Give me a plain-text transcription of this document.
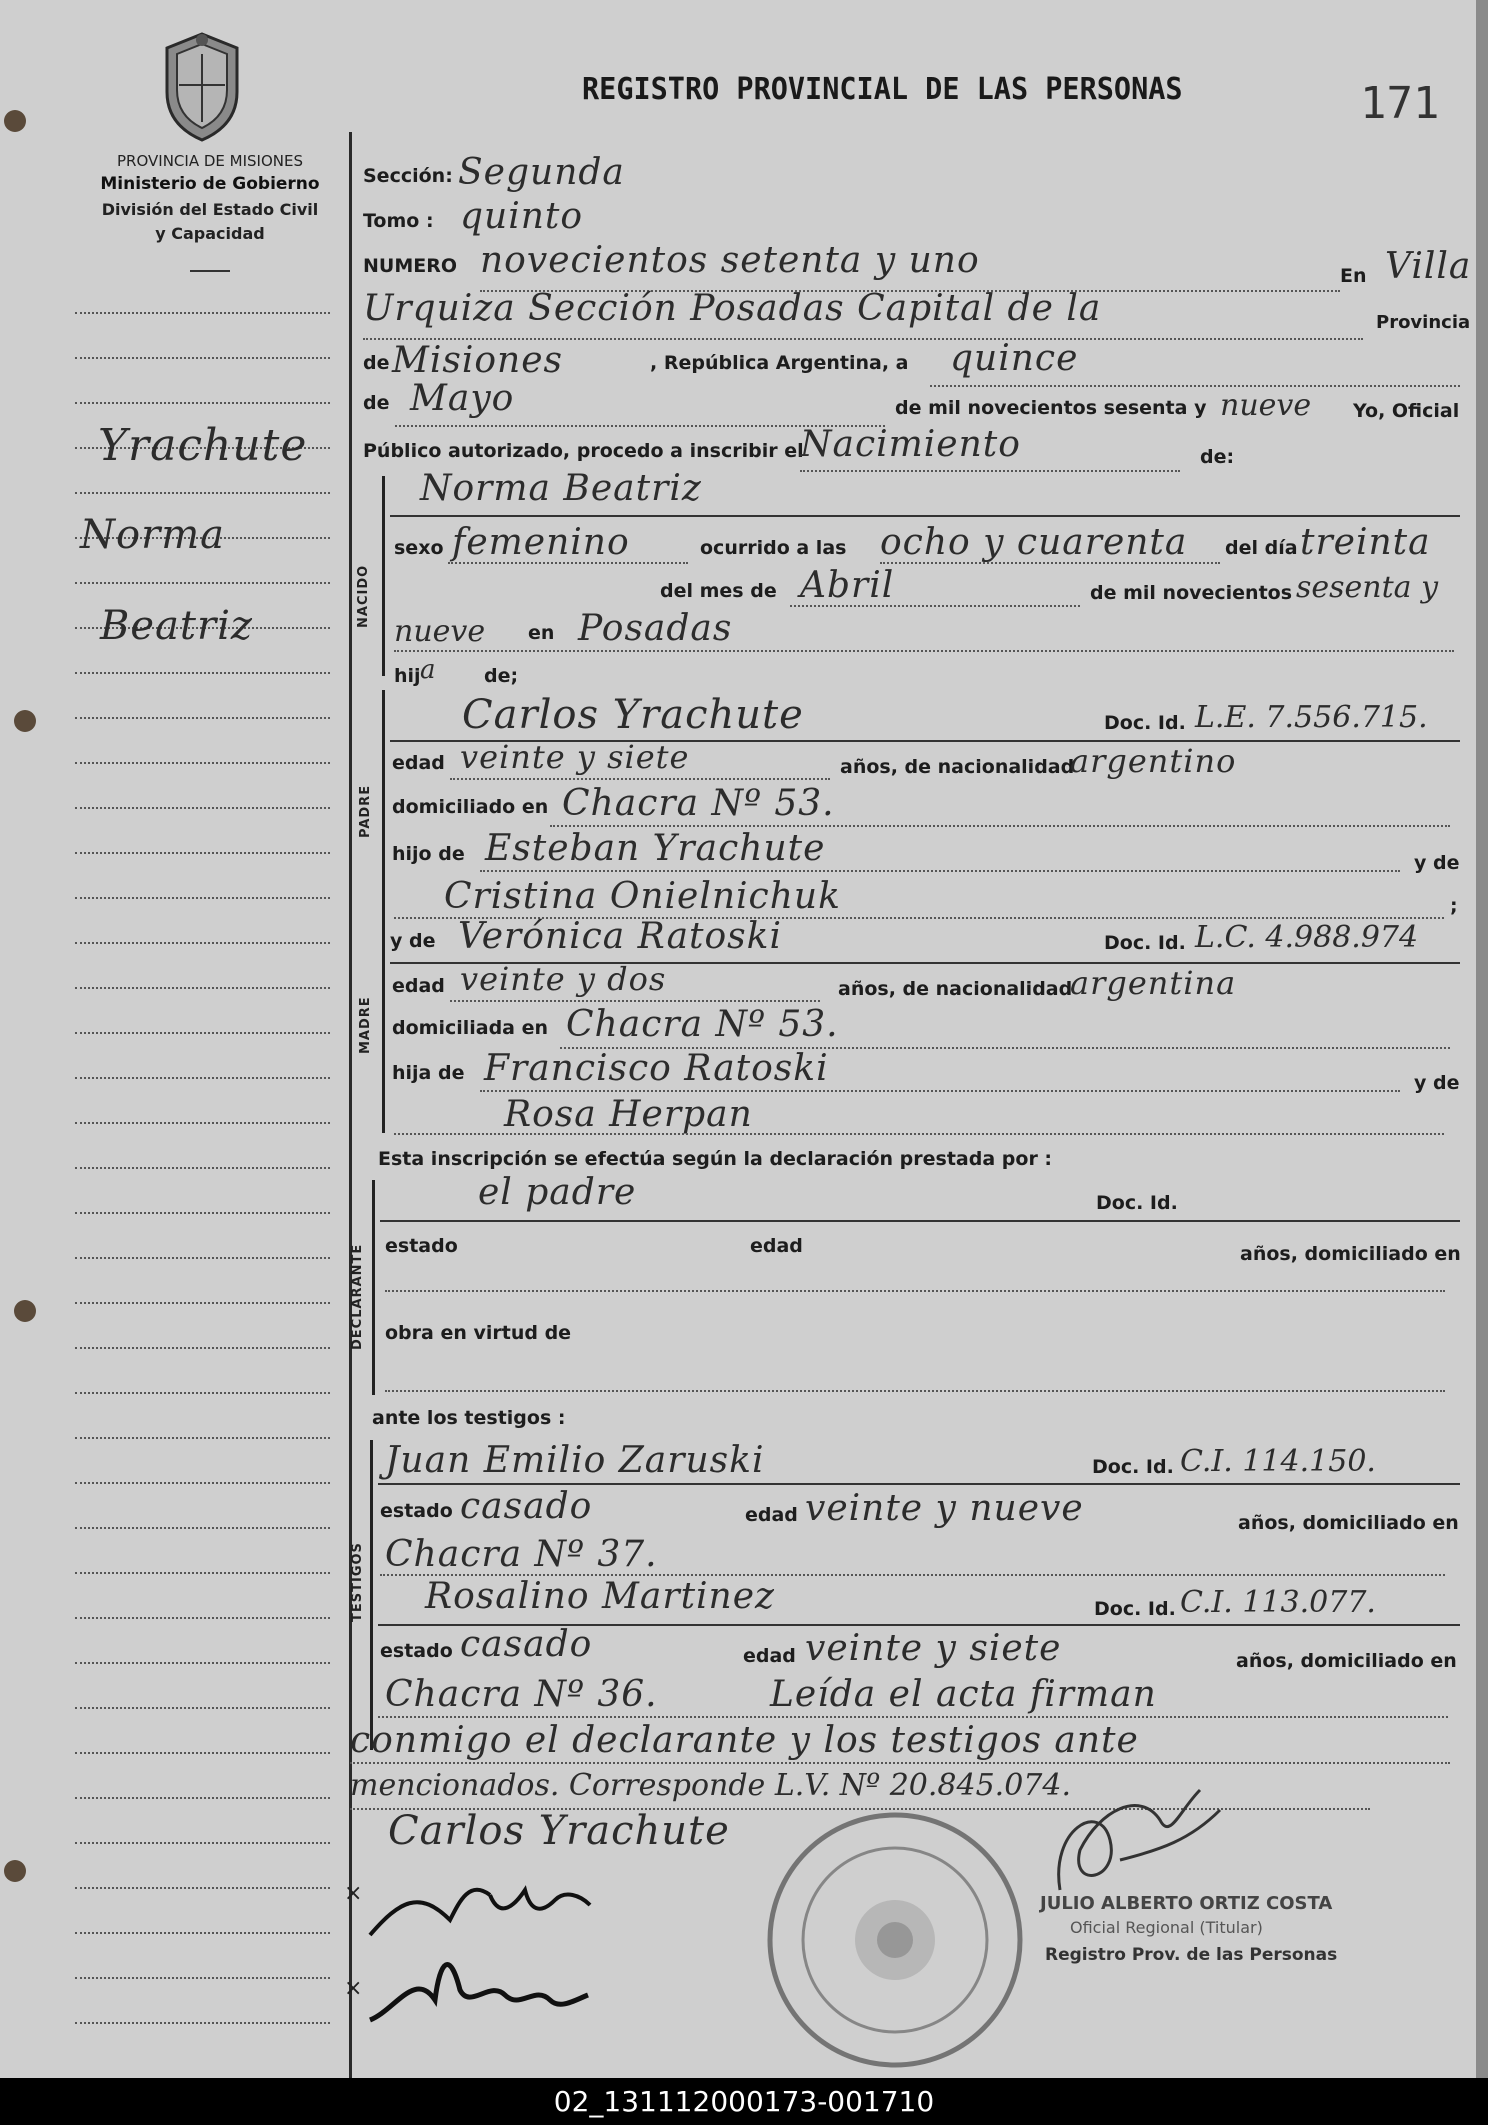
PROVINCIA DE MISIONES
Ministerio de Gobierno
División del Estado Civil
y Capacidad
REGISTRO PROVINCIAL DE LAS PERSONAS	171
Yrachute
Norma
Beatriz
Sección: Segunda
Tomo : quinto
NUMERO novecientos setenta y uno	En Villa
Urquiza Sección Posadas Capital de la	Provincia
de Misiones	, República Argentina, a quince
de Mayo	de mil novecientos sesenta y nueve Yo, Oficial
Público autorizado, procedo a inscribir el
Nacimiento	de:
NACIDO
Norma Beatriz
sexo femenino	ocurrido a las ocho y cuarenta del día treinta
del mes de Abril	de mil novecientos sesenta y
nueve en Posadas
hij a	de;
PADRE
Carlos Yrachute	Doc. Id. L.E. 7.556.715.
edad veinte y siete	años, de nacionalidad
argentino
domiciliado en Chacra Nº 53.
hijo de Esteban Yrachute	y de
Cristina Onielnichuk	;
MADRE
y de Verónica Ratoski	Doc. Id. L.C. 4.988.974
edad veinte y dos	años, de nacionalidad
argentina
domiciliada en Chacra Nº 53.
hija de Francisco Ratoski	y de
Rosa Herpan
Esta inscripción se efectúa según la declaración prestada por :
DECLARANTE
el padre	Doc. Id.
estado	edad	años, domiciliado en
obra en virtud de
ante los testigos :
TESTIGOS
Juan Emilio Zaruski	Doc. Id. C.I. 114.150.
estado casado	edad veinte y nueve	años, domiciliado en
Chacra Nº 37.
Rosalino Martinez	Doc. Id. C.I. 113.077.
estado casado	edad veinte y siete	años, domiciliado en
Chacra Nº 36.	Leída el acta firman
conmigo el declarante y los testigos ante
mencionados. Corresponde L.V. Nº 20.845.074.
Carlos Yrachute
×
×
JULIO ALBERTO ORTIZ COSTA
Oficial Regional (Titular)
Registro Prov. de las Personas
02_131112000173-001710
